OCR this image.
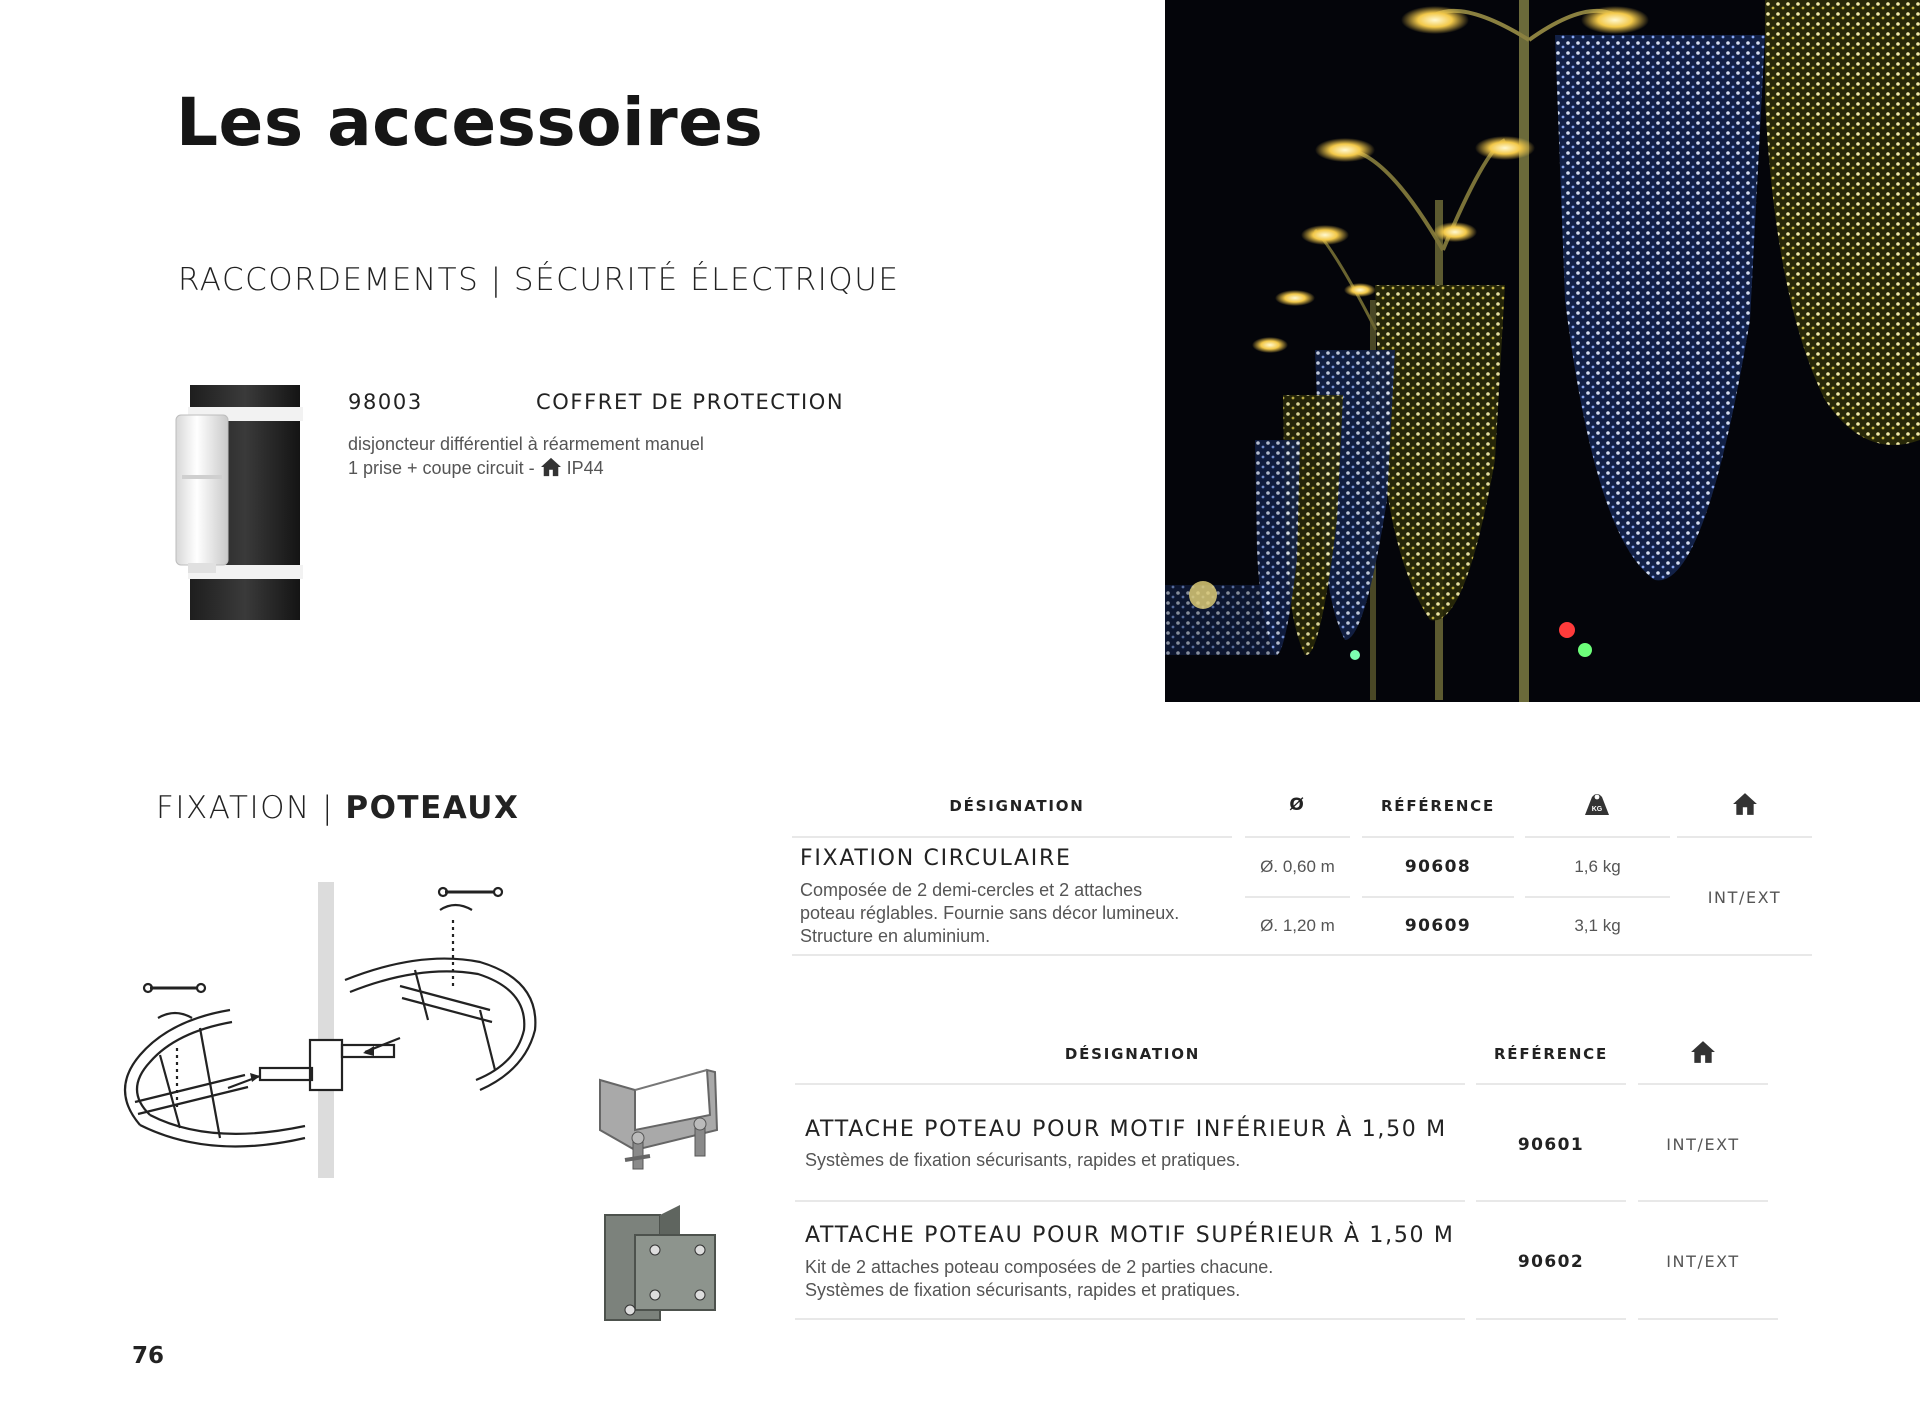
Les accessoires
RACCORDEMENTS | SÉCURITÉ ÉLECTRIQUE
98003	COFFRET DE PROTECTION
disjoncteur différentiel à réarmement manuel
1 prise + coupe circuit - IP44
FIXATION | POTEAUX	DÉSIGNATION	Ø	RÉFÉRENCE	KG
FIXATION CIRCULAIRE
Composée de 2 demi-cercles et 2 attaches
poteau réglables. Fournie sans décor lumineux.
Structure en aluminium.
Ø. 0,60 m	90608	1,6 kg
Ø. 1,20 m	90609	3,1 kg
INT/EXT
DÉSIGNATION	RÉFÉRENCE
ATTACHE POTEAU POUR MOTIF INFÉRIEUR À 1,50 M
Systèmes de fixation sécurisants, rapides et pratiques.
90601	INT/EXT
ATTACHE POTEAU POUR MOTIF SUPÉRIEUR À 1,50 M
Kit de 2 attaches poteau composées de 2 parties chacune.
Systèmes de fixation sécurisants, rapides et pratiques.
90602	INT/EXT
76
